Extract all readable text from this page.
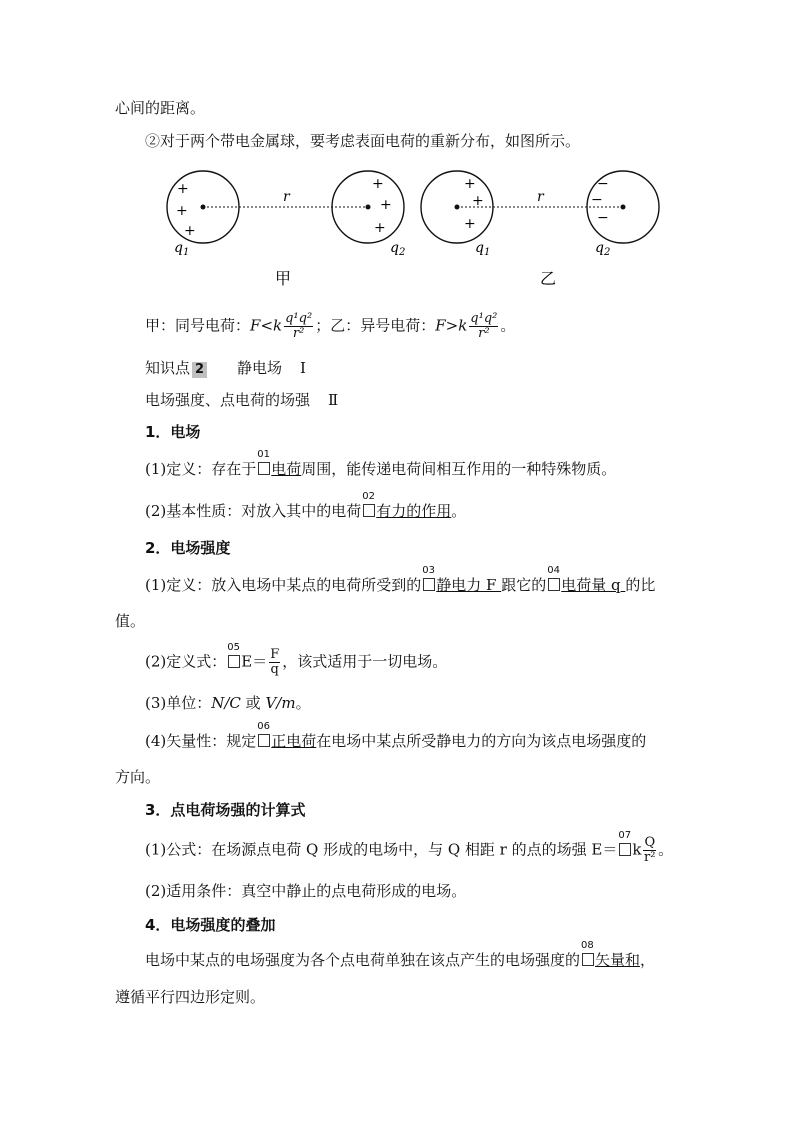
心间的距离。
②对于两个带电金属球，要考虑表面电荷的重新分布，如图所示。
r
+
+
+
+
+
+
$q_1$	$q_2$
甲
r
+
+
+
−
−
−
$q_1$	$q_2$
乙
甲：同号电荷：$F<k \frac{\text{q¹q²}}{\text{r²}}$ ；乙：异号电荷：$F>k \frac{\text{q¹q²}}{\text{r²}}$ 。
知识点 2 静电场 Ⅰ
电场强度、点电荷的场强 Ⅱ
1．电场
(1)定义：存在于
01
电荷周围，能传递电荷间相互作用的一种特殊物质。
(2)基本性质：对放入其中的电荷
02
有力的作用。
2．电场强度
(1)定义：放入电场中某点的电荷所受到的
03
静电力 F 跟它的
04
电荷量 q 的比
值。
(2)定义式：
05
$E= \frac{F}{q}$ ，该式适用于一切电场。
(3)单位：N/C 或 V/m。
(4)矢量性：规定
06
正电荷在电场中某点所受静电力的方向为该点电场强度的
方向。
3．点电荷场强的计算式
(1)公式：在场源点电荷 Q 形成的电场中，与 Q 相距 r 的点的场强 E＝
07
k $\frac{Q}{\text{r²}}$ 。
(2)适用条件：真空中静止的点电荷形成的电场。
4．电场强度的叠加
电场中某点的电场强度为各个点电荷单独在该点产生的电场强度的
08
矢量和，
遵循平行四边形定则。
